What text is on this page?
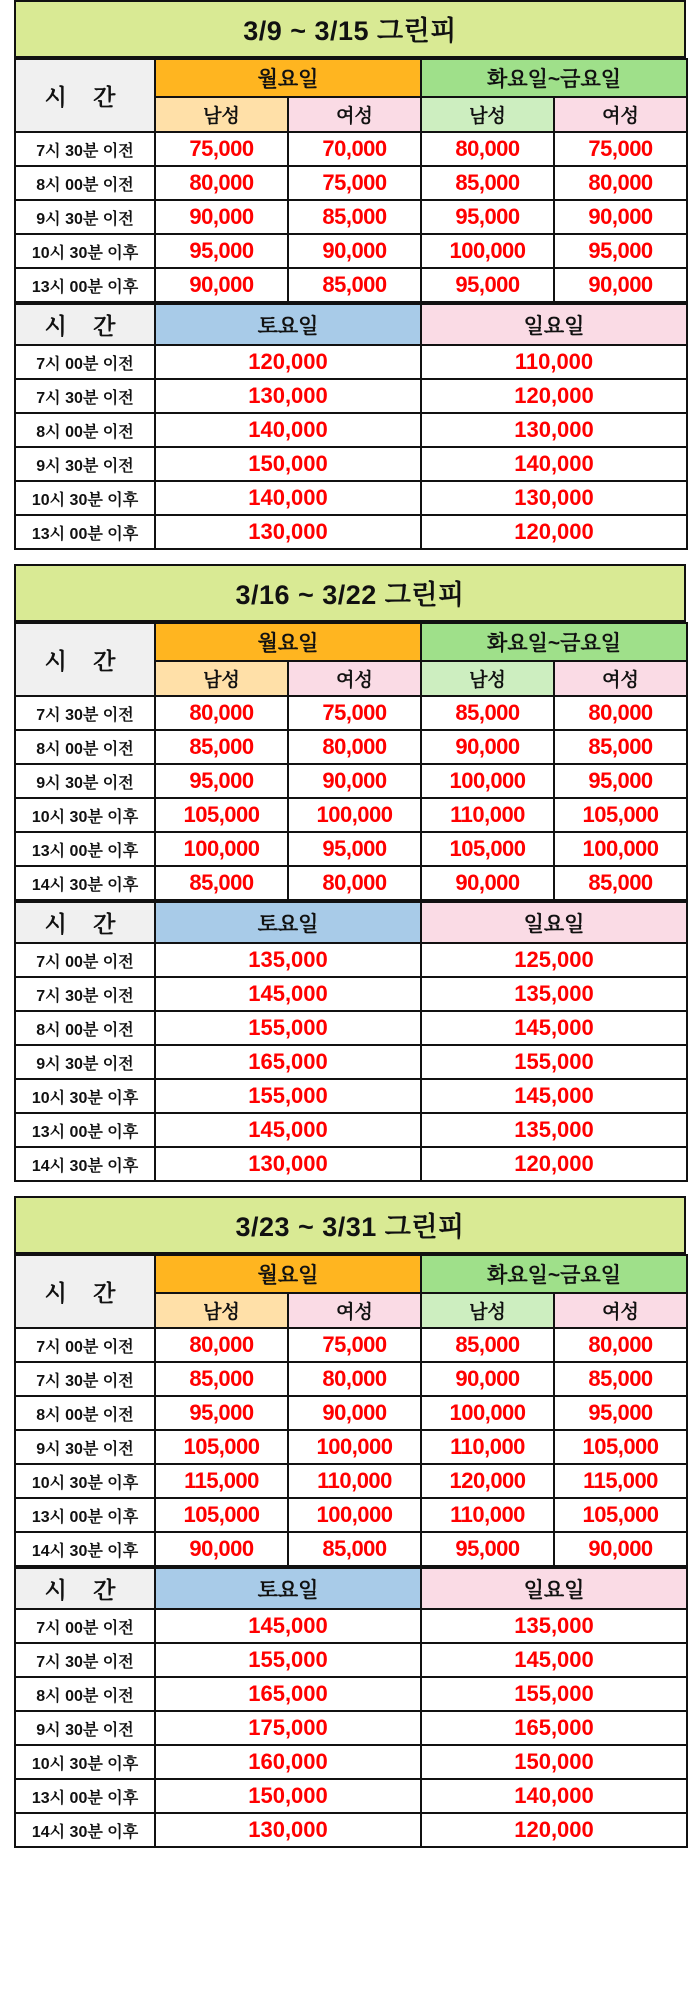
3/9 ~ 3/15 그린피
시 간	월요일		화요일~금요일	
	남성	여성	남성	여성
7시 30분 이전	75,000	70,000	80,000	75,000
8시 00분 이전	80,000	75,000	85,000	80,000
9시 30분 이전	90,000	85,000	95,000	90,000
10시 30분 이후	95,000	90,000	100,000	95,000
13시 00분 이후	90,000	85,000	95,000	90,000
시 간	토요일	일요일
7시 00분 이전	120,000	110,000
7시 30분 이전	130,000	120,000
8시 00분 이전	140,000	130,000
9시 30분 이전	150,000	140,000
10시 30분 이후	140,000	130,000
13시 00분 이후	130,000	120,000
3/16 ~ 3/22 그린피
시 간	월요일		화요일~금요일	
	남성	여성	남성	여성
7시 30분 이전	80,000	75,000	85,000	80,000
8시 00분 이전	85,000	80,000	90,000	85,000
9시 30분 이전	95,000	90,000	100,000	95,000
10시 30분 이후	105,000	100,000	110,000	105,000
13시 00분 이후	100,000	95,000	105,000	100,000
14시 30분 이후	85,000	80,000	90,000	85,000
시 간	토요일	일요일
7시 00분 이전	135,000	125,000
7시 30분 이전	145,000	135,000
8시 00분 이전	155,000	145,000
9시 30분 이전	165,000	155,000
10시 30분 이후	155,000	145,000
13시 00분 이후	145,000	135,000
14시 30분 이후	130,000	120,000
3/23 ~ 3/31 그린피
시 간	월요일		화요일~금요일	
	남성	여성	남성	여성
7시 00분 이전	80,000	75,000	85,000	80,000
7시 30분 이전	85,000	80,000	90,000	85,000
8시 00분 이전	95,000	90,000	100,000	95,000
9시 30분 이전	105,000	100,000	110,000	105,000
10시 30분 이후	115,000	110,000	120,000	115,000
13시 00분 이후	105,000	100,000	110,000	105,000
14시 30분 이후	90,000	85,000	95,000	90,000
시 간	토요일	일요일
7시 00분 이전	145,000	135,000
7시 30분 이전	155,000	145,000
8시 00분 이전	165,000	155,000
9시 30분 이전	175,000	165,000
10시 30분 이후	160,000	150,000
13시 00분 이후	150,000	140,000
14시 30분 이후	130,000	120,000
